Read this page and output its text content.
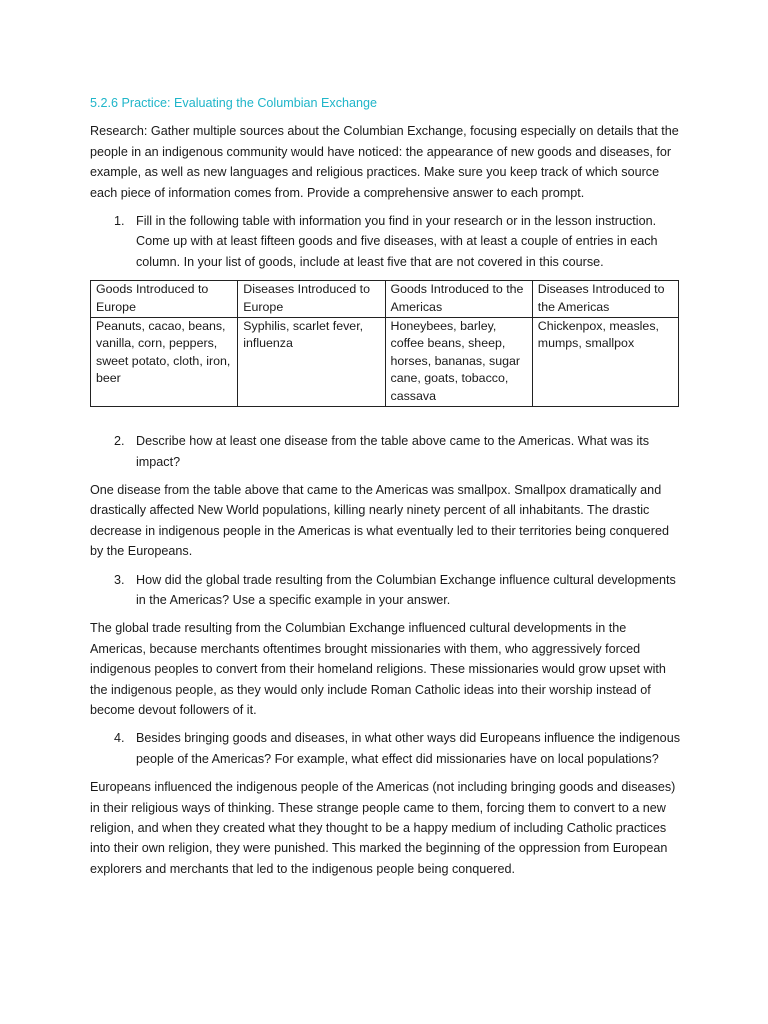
5.2.6 Practice: Evaluating the Columbian Exchange

Research: Gather multiple sources about the Columbian Exchange, focusing especially on details that the people in an indigenous community would have noticed: the appearance of new goods and diseases, for example, as well as new languages and religious practices. Make sure you keep track of which source each piece of information comes from. Provide a comprehensive answer to each prompt.

1. Fill in the following table with information you find in your research or in the lesson instruction. Come up with at least fifteen goods and five diseases, with at least a couple of entries in each column. In your list of goods, include at least five that are not covered in this course.
Goods Introduced to Europe	Diseases Introduced to Europe	Goods Introduced to the Americas	Diseases Introduced to the Americas
Peanuts, cacao, beans, vanilla, corn, peppers, sweet potato, cloth, iron, beer	Syphilis, scarlet fever, influenza	Honeybees, barley, coffee beans, sheep, horses, bananas, sugar cane, goats, tobacco, cassava	Chickenpox, measles, mumps, smallpox
2. Describe how at least one disease from the table above came to the Americas. What was its impact?

One disease from the table above that came to the Americas was smallpox. Smallpox dramatically and drastically affected New World populations, killing nearly ninety percent of all inhabitants. The drastic decrease in indigenous people in the Americas is what eventually led to their territories being conquered by the Europeans.

3. How did the global trade resulting from the Columbian Exchange influence cultural developments in the Americas? Use a specific example in your answer.

The global trade resulting from the Columbian Exchange influenced cultural developments in the Americas, because merchants oftentimes brought missionaries with them, who aggressively forced indigenous peoples to convert from their homeland religions. These missionaries would grow upset with the indigenous people, as they would only include Roman Catholic ideas into their worship instead of become devout followers of it.

4. Besides bringing goods and diseases, in what other ways did Europeans influence the indigenous people of the Americas? For example, what effect did missionaries have on local populations?

Europeans influenced the indigenous people of the Americas (not including bringing goods and diseases) in their religious ways of thinking. These strange people came to them, forcing them to convert to a new religion, and when they created what they thought to be a happy medium of including Catholic practices into their own religion, they were punished. This marked the beginning of the oppression from European explorers and merchants that led to the indigenous people being conquered.
